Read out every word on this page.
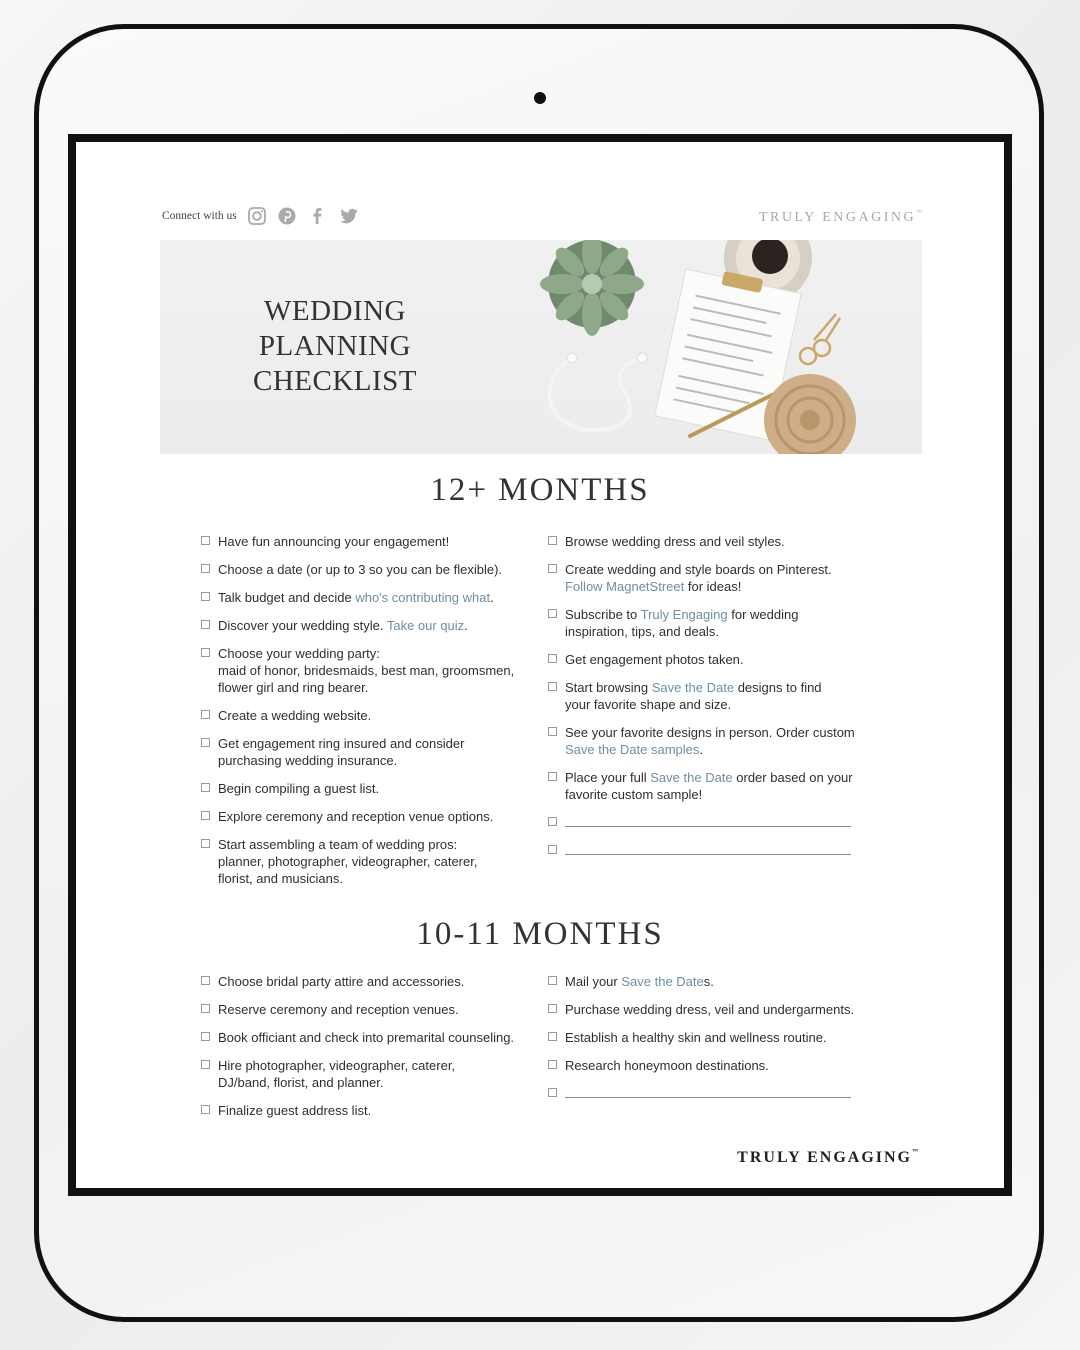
Connect with us	TRULY ENGAGING™
WEDDING
PLANNING
CHECKLIST
12+ MONTHS
Have fun announcing your engagement!
Choose a date (or up to 3 so you can be flexible).
Talk budget and decide who's contributing what.
Discover your wedding style. Take our quiz.
Choose your wedding party:
maid of honor, bridesmaids, best man, groomsmen,
flower girl and ring bearer.
Create a wedding website.
Get engagement ring insured and consider
purchasing wedding insurance.
Begin compiling a guest list.
Explore ceremony and reception venue options.
Start assembling a team of wedding pros:
planner, photographer, videographer, caterer,
florist, and musicians.
Browse wedding dress and veil styles.
Create wedding and style boards on Pinterest.
Follow MagnetStreet for ideas!
Subscribe to Truly Engaging for wedding
inspiration, tips, and deals.
Get engagement photos taken.
Start browsing Save the Date designs to find
your favorite shape and size.
See your favorite designs in person. Order custom
Save the Date samples.
Place your full Save the Date order based on your
favorite custom sample!
10-11 MONTHS
Choose bridal party attire and accessories.
Reserve ceremony and reception venues.
Book officiant and check into premarital counseling.
Hire photographer, videographer, caterer,
DJ/band, florist, and planner.
Finalize guest address list.
Mail your Save the Dates.
Purchase wedding dress, veil and undergarments.
Establish a healthy skin and wellness routine.
Research honeymoon destinations.
TRULY ENGAGING™
